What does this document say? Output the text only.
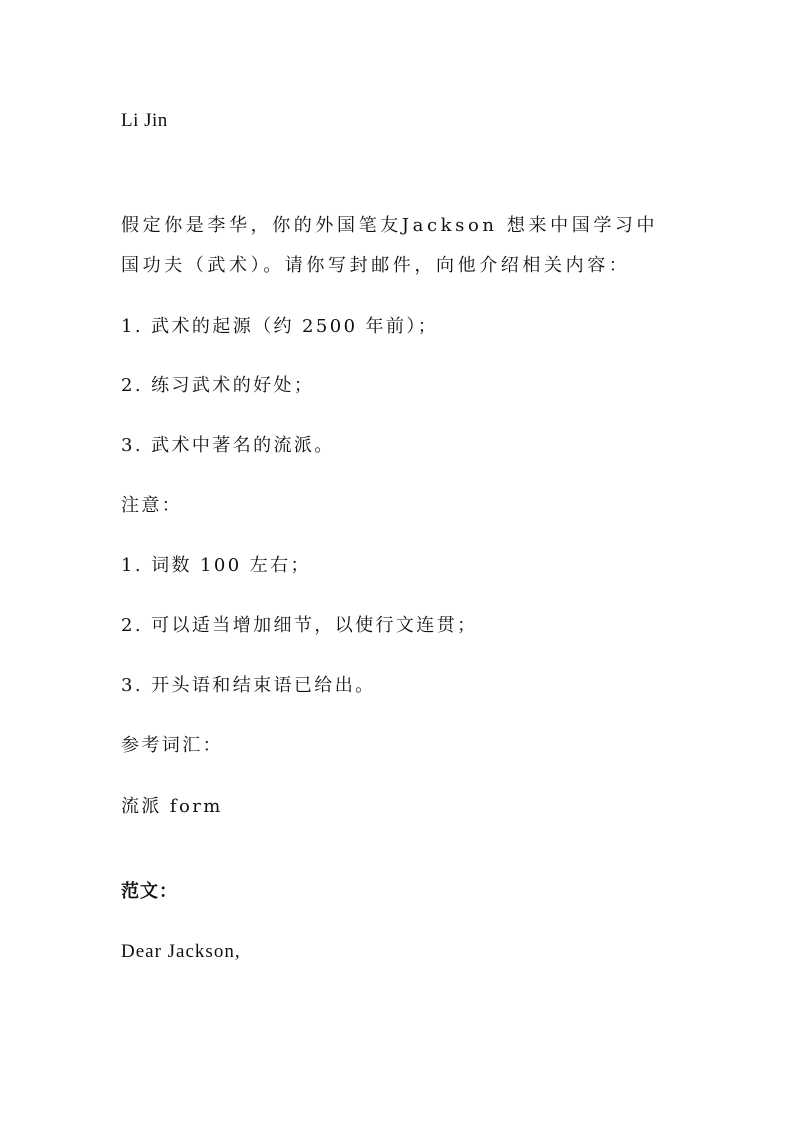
Li Jin
假定你是李华，你的外国笔友Jackson 想来中国学习中
国功夫（武术）。请你写封邮件，向他介绍相关内容：
1. 武术的起源（约 2500 年前）；
2. 练习武术的好处；
3. 武术中著名的流派。
注意：
1. 词数 100 左右；
2. 可以适当增加细节，以使行文连贯；
3. 开头语和结束语已给出。
参考词汇：
流派 form
范文：
Dear Jackson,
